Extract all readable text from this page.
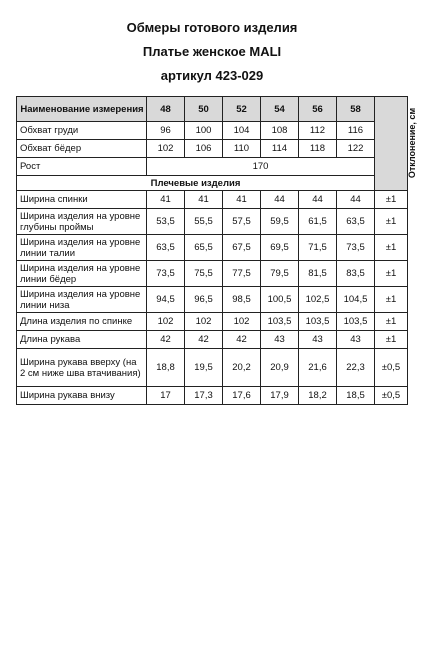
Обмеры готового изделия
Платье женское MALI
артикул 423-029
Наименование измерения	48	50	52	54	56	58	Отклонение, см
Обхват груди	96	100	104	108	112	116	
Обхват бёдер	102	106	110	114	118	122	
Рост	170						
Плечевые изделия							
Ширина спинки	41	41	41	44	44	44	±1
Ширина изделия на уровне глубины проймы	53,5	55,5	57,5	59,5	61,5	63,5	±1
Ширина изделия на уровне линии талии	63,5	65,5	67,5	69,5	71,5	73,5	±1
Ширина изделия на уровне линии бёдер	73,5	75,5	77,5	79,5	81,5	83,5	±1
Ширина изделия на уровне линии низа	94,5	96,5	98,5	100,5	102,5	104,5	±1
Длина изделия по спинке	102	102	102	103,5	103,5	103,5	±1
Длина рукава	42	42	42	43	43	43	±1
Ширина рукава вверху (на 2 см ниже шва втачивания)	18,8	19,5	20,2	20,9	21,6	22,3	±0,5
Ширина рукава внизу	17	17,3	17,6	17,9	18,2	18,5	±0,5
